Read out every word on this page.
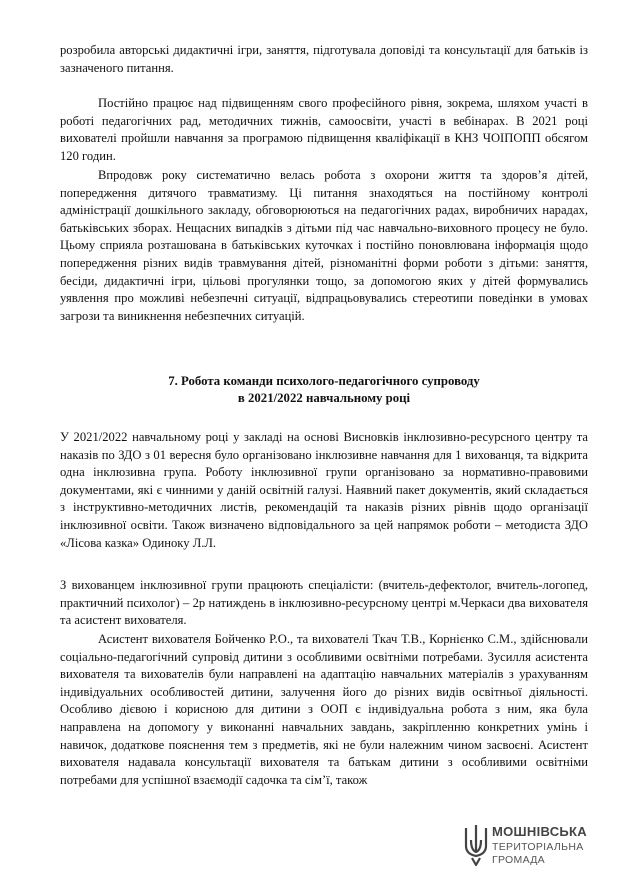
розробила авторські дидактичні ігри, заняття, підготувала доповіді та консультації для батьків із зазначеного питання.

Постійно працює над підвищенням свого професійного рівня, зокрема, шляхом участі в роботі педагогічних рад, методичних тижнів, самоосвіти, участі в вебінарах. В 2021 році вихователі пройшли навчання за програмою підвищення кваліфікації в КНЗ ЧОІПОПП обсягом 120 годин.

Впродовж року систематично велась робота з охорони життя та здоров’я дітей, попередження дитячого травматизму. Ці питання знаходяться на постійному контролі адміністрації дошкільного закладу, обговорюються на педагогічних радах, виробничих нарадах, батьківських зборах. Нещасних випадків з дітьми під час навчально-виховного процесу не було. Цьому сприяла розташована в батьківських куточках і постійно поновлювана інформація щодо попередження різних видів травмування дітей, різноманітні форми роботи з дітьми: заняття, бесіди, дидактичні ігри, цільові прогулянки тощо, за допомогою яких у дітей формувались уявлення про можливі небезпечні ситуації, відпрацьовувались стереотипи поведінки в умовах загрози та виникнення небезпечних ситуацій.

7. Робота команди психолого-педагогічного супроводу

в 2021/2022 навчальному році

У 2021/2022 навчальному році у закладі на основі Висновків інклюзивно-ресурсного центру та наказів по ЗДО з 01 вересня було організовано інклюзивне навчання для 1 вихованця, та відкрита одна інклюзивна група. Роботу інклюзивної групи організовано за нормативно-правовими документами, які є чинними у даній освітній галузі. Наявний пакет документів, який складається з інструктивно-методичних листів, рекомендацій та наказів різних рівнів щодо організації інклюзивної освіти. Також визначено відповідального за цей напрямок роботи – методиста ЗДО «Лісова казка» Одиноку Л.Л.

З вихованцем інклюзивної групи працюють спеціалісти: (вчитель-дефектолог, вчитель-логопед, практичний психолог) – 2р натиждень в інклюзивно-ресурсному центрі м.Черкаси два вихователя та асистент вихователя.

Асистент вихователя Бойченко Р.О., та вихователі Ткач Т.В., Корнієнко С.М., здійснювали соціально-педагогічний супровід дитини з особливими освітніми потребами. Зусилля асистента вихователя та вихователів були направлені на адаптацію навчальних матеріалів з урахуванням індивідуальних особливостей дитини, залучення його до різних видів освітньої діяльності. Особливо дієвою і корисною для дитини з ООП є індивідуальна робота з ним, яка була направлена на допомогу у виконанні навчальних завдань, закріпленню конкретних умінь і навичок, додаткове пояснення тем з предметів, які не були належним чином засвоєні. Асистент вихователя надавала консультації вихователя та батькам дитини з особливими освітніми потребами для успішної взаємодії садочка та сім’ї, також

МОШНІВСЬКА
ТЕРИТОРІАЛЬНА
ГРОМАДА
